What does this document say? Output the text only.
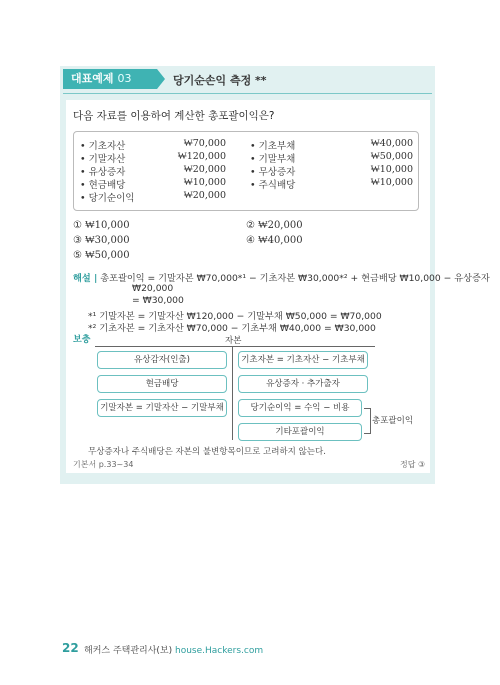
대표예제 03	당기순손익 측정 **
다음 자료를 이용하여 계산한 총포괄이익은?
• 기초자산	₩70,000
• 기말자산	₩120,000
• 유상증자	₩20,000
• 현금배당	₩10,000
• 당기순이익	₩20,000
• 기초부채	₩40,000
• 기말부채	₩50,000
• 무상증자	₩10,000
• 주식배당	₩10,000
① ₩10,000	② ₩20,000
③ ₩30,000	④ ₩40,000
⑤ ₩50,000
해설 | 총포괄이익 = 기말자본 ₩70,000*¹ − 기초자본 ₩30,000*² + 현금배당 ₩10,000 − 유상증자
₩20,000
= ₩30,000
*¹ 기말자본 = 기말자산 ₩120,000 − 기말부채 ₩50,000 = ₩70,000
*² 기초자본 = 기초자산 ₩70,000 − 기초부채 ₩40,000 = ₩30,000
보충	자본
유상감자(인출)
현금배당
기말자본 = 기말자산 − 기말부채
기초자본 = 기초자산 − 기초부채
유상증자 · 추가출자
당기순이익 = 수익 − 비용
기타포괄이익
총포괄이익
무상증자나 주식배당은 자본의 불변항목이므로 고려하지 않는다.
기본서 p.33~34	정답 ③
22 해커스 주택관리사(보) house.Hackers.com
